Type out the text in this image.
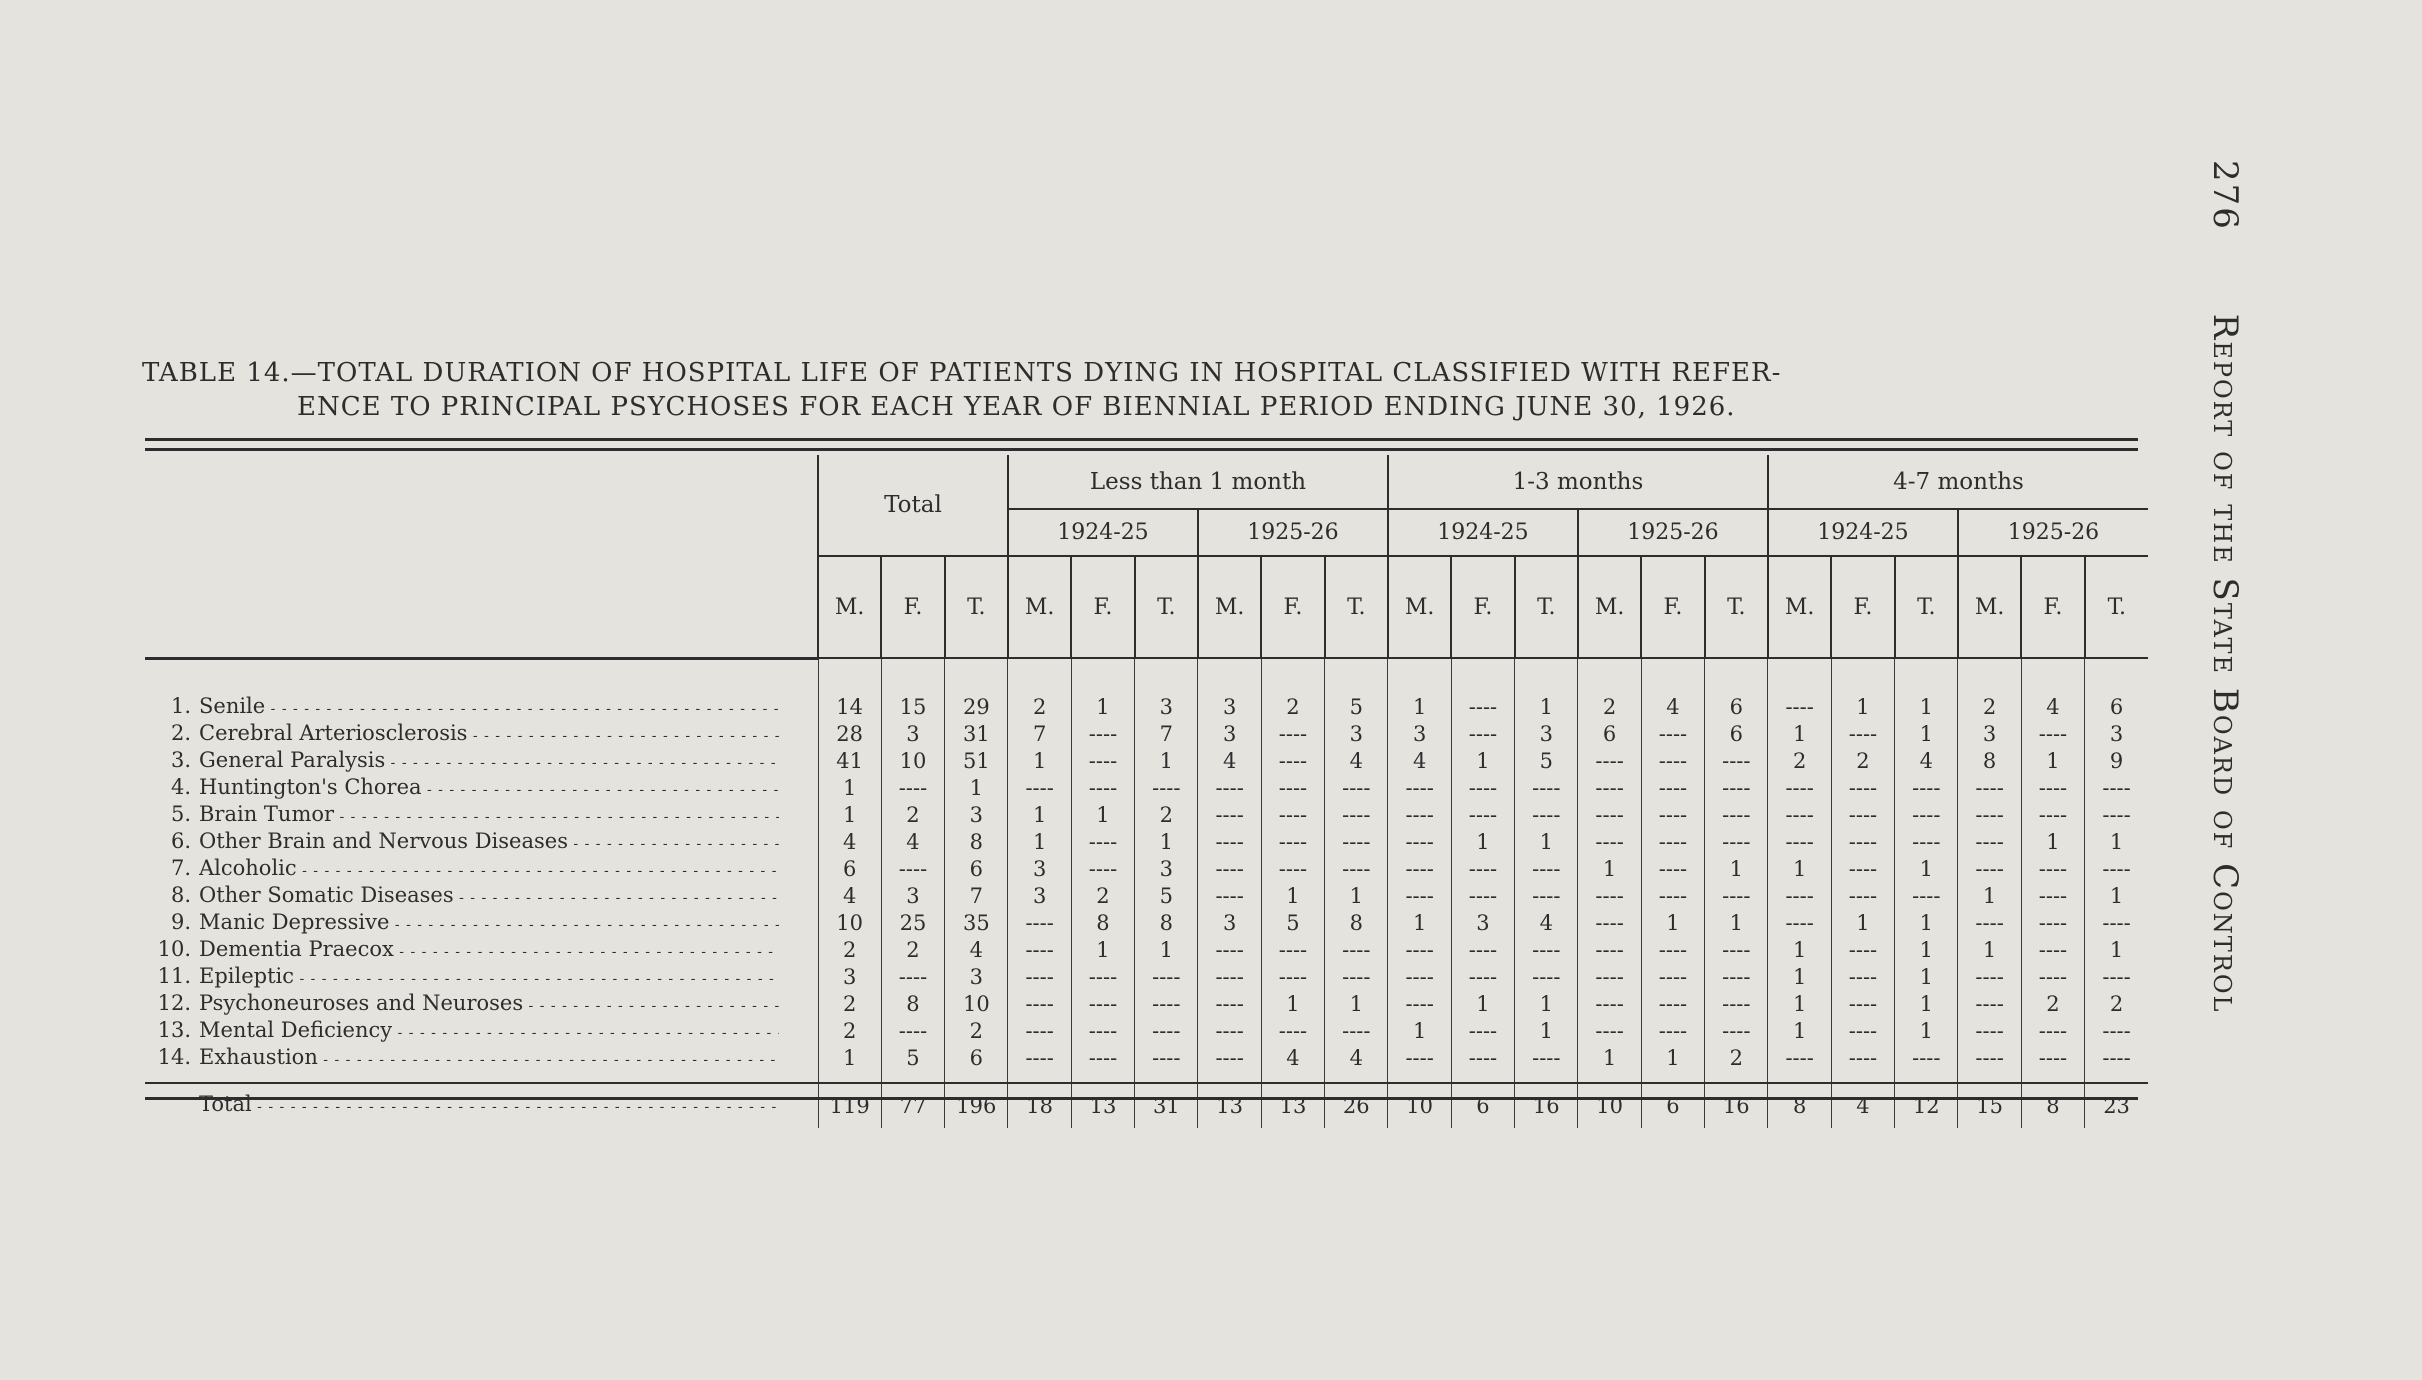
276 Report of the State Board of Control
TABLE 14.—TOTAL DURATION OF HOSPITAL LIFE OF PATIENTS DYING IN HOSPITAL CLASSIFIED WITH REFER-
ENCE TO PRINCIPAL PSYCHOSES FOR EACH YEAR OF BIENNIAL PERIOD ENDING JUNE 30, 1926.
	Total			Less than 1 month						1-3 months						4-7 months					
				1924-25			1925-26			1924-25			1925-26			1924-25			1925-26		
	M.	F.	T.	M.	F.	T.	M.	F.	T.	M.	F.	T.	M.	F.	T.	M.	F.	T.	M.	F.	T.
1. Senile - - -	14	15	29	2	1	3	3	2	5	1	----	1	2	4	6	----	1	1	2	4	6
2. Cerebral Arteriosclerosis - - -	28	3	31	7	----	7	3	----	3	3	----	3	6	----	6	1	----	1	3	----	3
3. General Paralysis - - -	41	10	51	1	----	1	4	----	4	4	1	5	----	----	----	2	2	4	8	1	9
4. Huntington's Chorea - - -	1	----	1	----	----	----	----	----	----	----	----	----	----	----	----	----	----	----	----	----	----
5. Brain Tumor - - -	1	2	3	1	1	2	----	----	----	----	----	----	----	----	----	----	----	----	----	----	----
6. Other Brain and Nervous Diseases - - -	4	4	8	1	----	1	----	----	----	----	1	1	----	----	----	----	----	----	----	1	1
7. Alcoholic - - -	6	----	6	3	----	3	----	----	----	----	----	----	1	----	1	1	----	1	----	----	----
8. Other Somatic Diseases - - -	4	3	7	3	2	5	----	1	1	----	----	----	----	----	----	----	----	----	1	----	1
9. Manic Depressive - - -	10	25	35	----	8	8	3	5	8	1	3	4	----	1	1	----	1	1	----	----	----
10. Dementia Praecox - - -	2	2	4	----	1	1	----	----	----	----	----	----	----	----	----	1	----	1	1	----	1
11. Epileptic - - -	3	----	3	----	----	----	----	----	----	----	----	----	----	----	----	1	----	1	----	----	----
12. Psychoneuroses and Neuroses - - -	2	8	10	----	----	----	----	1	1	----	1	1	----	----	----	1	----	1	----	2	2
13. Mental Deficiency - - -	2	----	2	----	----	----	----	----	----	1	----	1	----	----	----	1	----	1	----	----	----
14. Exhaustion - - -	1	5	6	----	----	----	----	4	4	----	----	----	1	1	2	----	----	----	----	----	----

Total - - -	119	77	196	18	13	31	13	13	26	10	6	16	10	6	16	8	4	12	15	8	23
